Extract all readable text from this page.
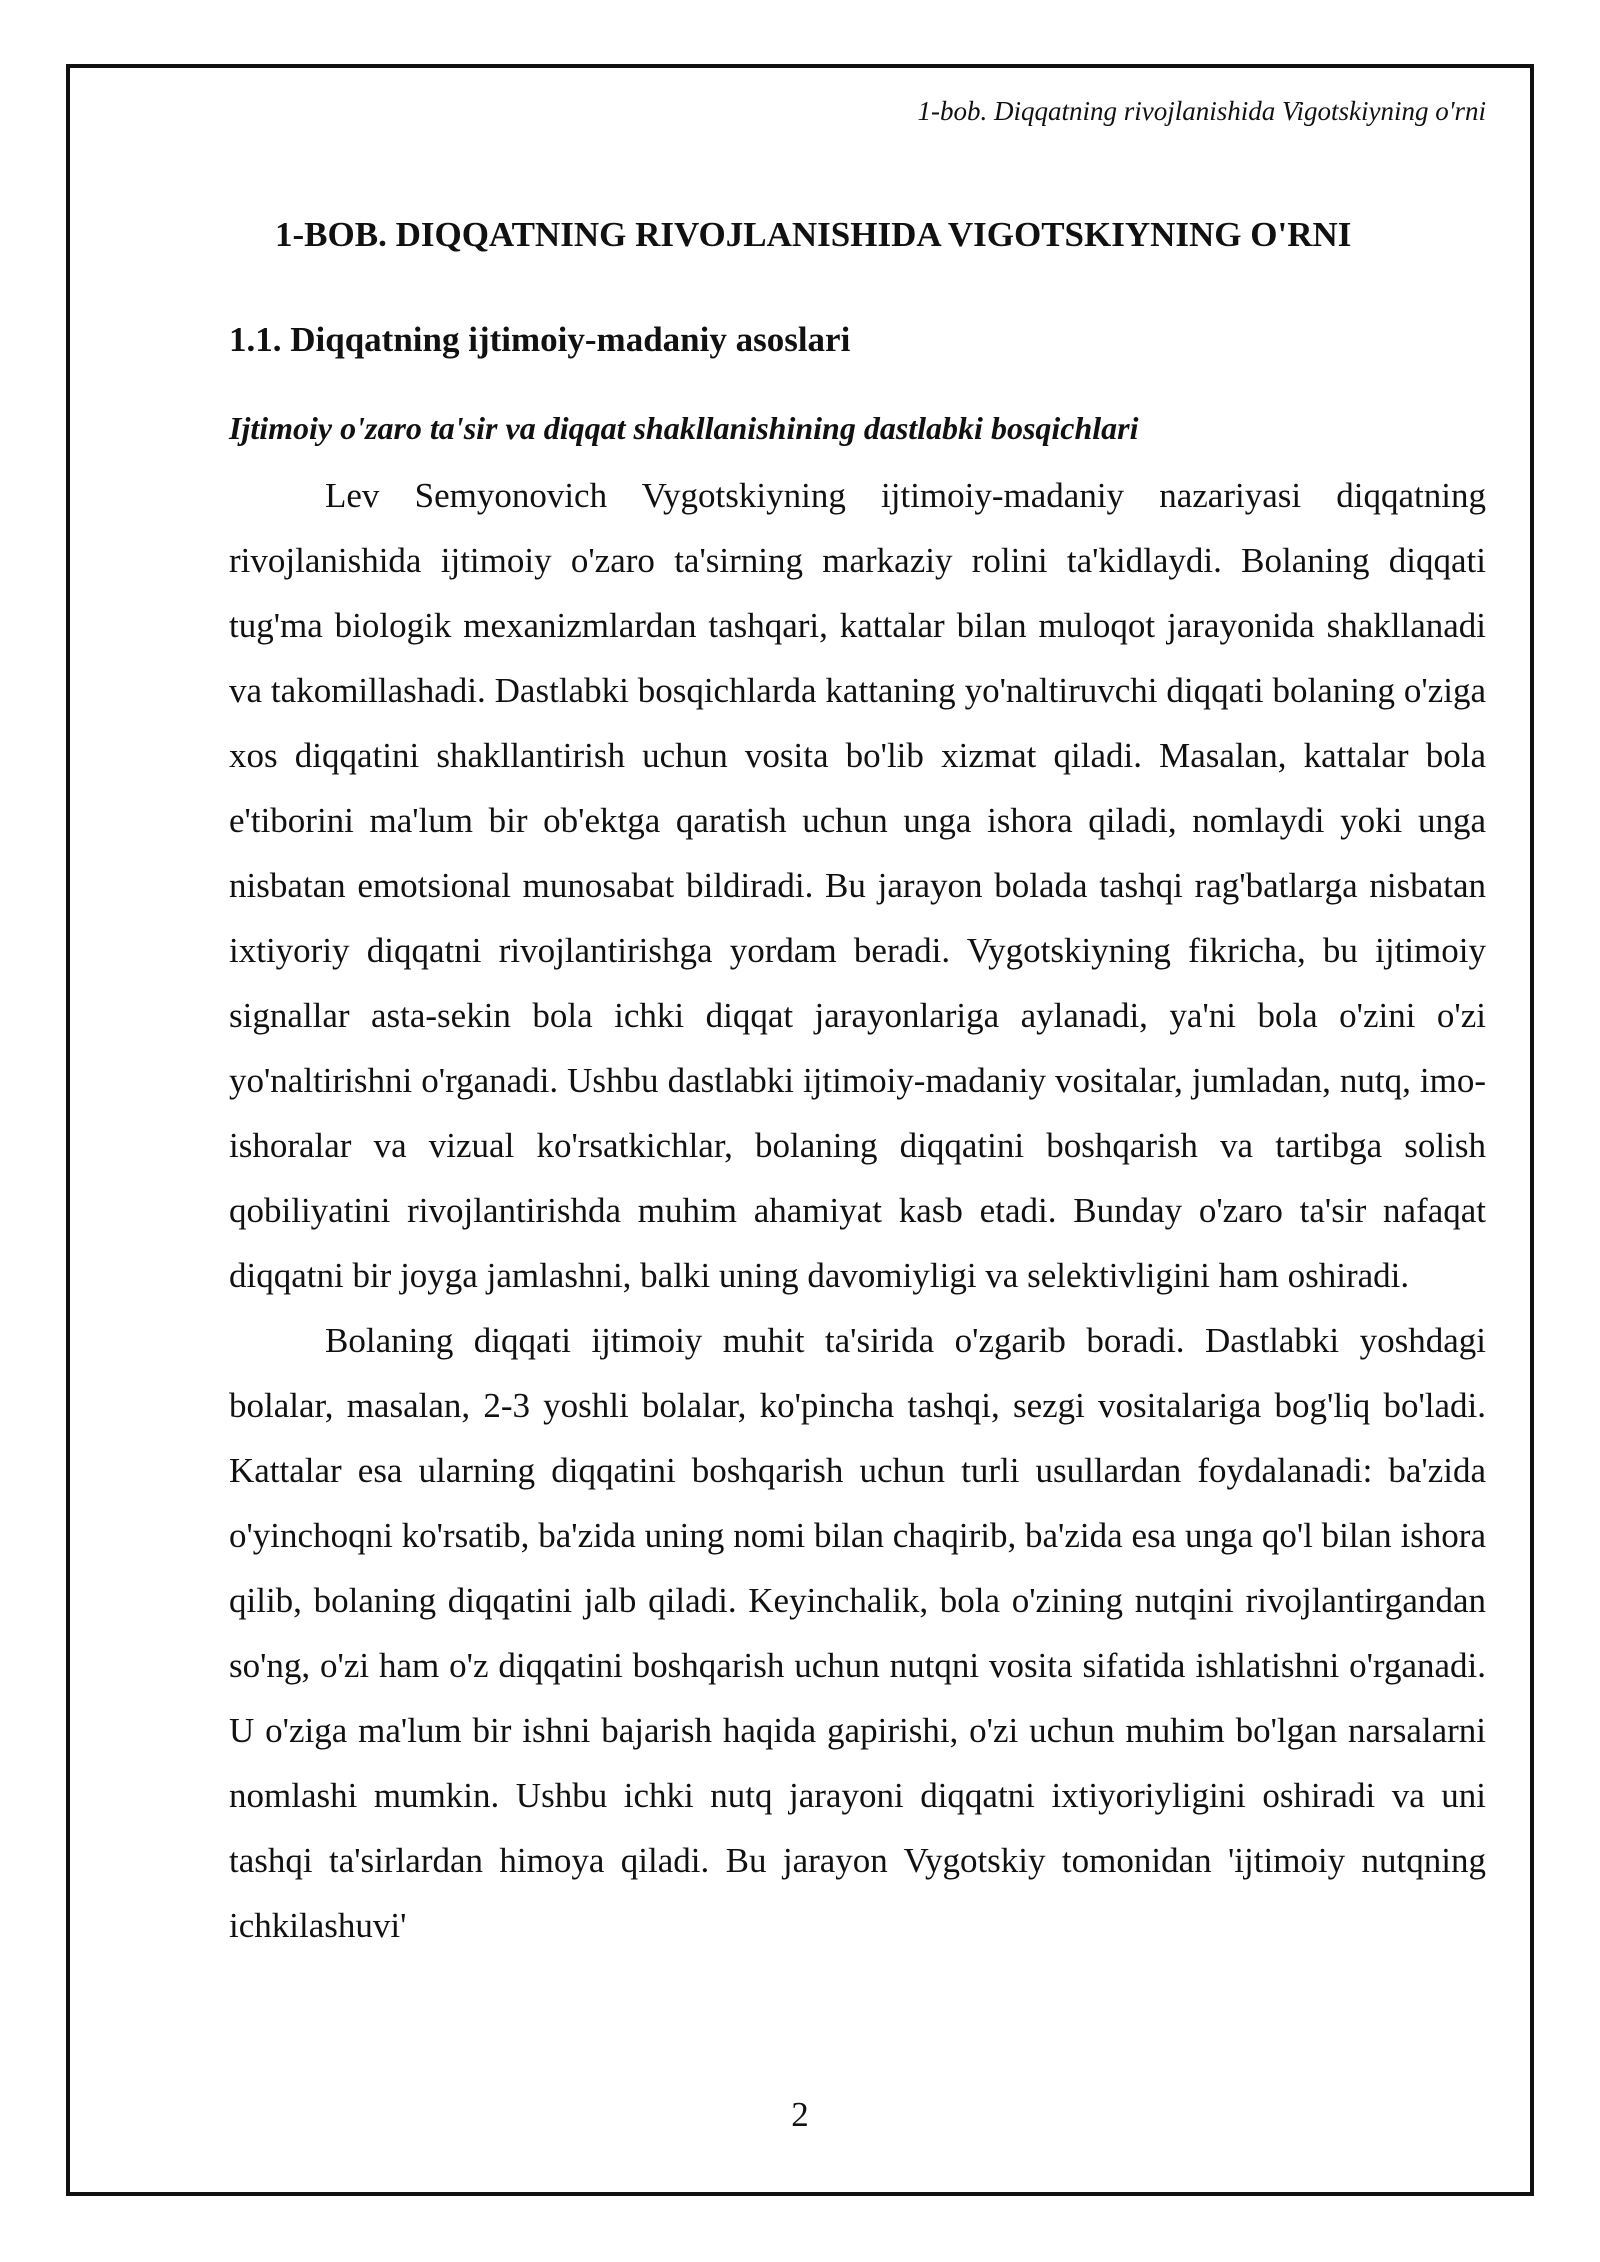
1-bob. Diqqatning rivojlanishida Vigotskiyning o'rni
1-BOB. DIQQATNING RIVOJLANISHIDA VIGOTSKIYNING O'RNI
1.1. Diqqatning ijtimoiy-madaniy asoslari
Ijtimoiy o'zaro ta'sir va diqqat shakllanishining dastlabki bosqichlari

Lev Semyonovich Vygotskiyning ijtimoiy-madaniy nazariyasi diqqatning rivojlanishida ijtimoiy o'zaro ta'sirning markaziy rolini ta'kidlaydi. Bolaning diqqati tug'ma biologik mexanizmlardan tashqari, kattalar bilan muloqot jarayonida shakllanadi va takomillashadi. Dastlabki bosqichlarda kattaning yo'naltiruvchi diqqati bolaning o'ziga xos diqqatini shakllantirish uchun vosita bo'lib xizmat qiladi. Masalan, kattalar bola e'tiborini ma'lum bir ob'ektga qaratish uchun unga ishora qiladi, nomlaydi yoki unga nisbatan emotsional munosabat bildiradi. Bu jarayon bolada tashqi rag'batlarga nisbatan ixtiyoriy diqqatni rivojlantirishga yordam beradi. Vygotskiyning fikricha, bu ijtimoiy signallar asta-sekin bola ichki diqqat jarayonlariga aylanadi, ya'ni bola o'zini o'zi yo'naltirishni o'rganadi. Ushbu dastlabki ijtimoiy-madaniy vositalar, jumladan, nutq, imo-ishoralar va vizual ko'rsatkichlar, bolaning diqqatini boshqarish va tartibga solish qobiliyatini rivojlantirishda muhim ahamiyat kasb etadi. Bunday o'zaro ta'sir nafaqat diqqatni bir joyga jamlashni, balki uning davomiyligi va selektivligini ham oshiradi.

Bolaning diqqati ijtimoiy muhit ta'sirida o'zgarib boradi. Dastlabki yoshdagi bolalar, masalan, 2-3 yoshli bolalar, ko'pincha tashqi, sezgi vositalariga bog'liq bo'ladi. Kattalar esa ularning diqqatini boshqarish uchun turli usullardan foydalanadi: ba'zida o'yinchoqni ko'rsatib, ba'zida uning nomi bilan chaqirib, ba'zida esa unga qo'l bilan ishora qilib, bolaning diqqatini jalb qiladi. Keyinchalik, bola o'zining nutqini rivojlantirgandan so'ng, o'zi ham o'z diqqatini boshqarish uchun nutqni vosita sifatida ishlatishni o'rganadi. U o'ziga ma'lum bir ishni bajarish haqida gapirishi, o'zi uchun muhim bo'lgan narsalarni nomlashi mumkin. Ushbu ichki nutq jarayoni diqqatni ixtiyoriyligini oshiradi va uni tashqi ta'sirlardan himoya qiladi. Bu jarayon Vygotskiy tomonidan 'ijtimoiy nutqning ichkilashuvi'

2
